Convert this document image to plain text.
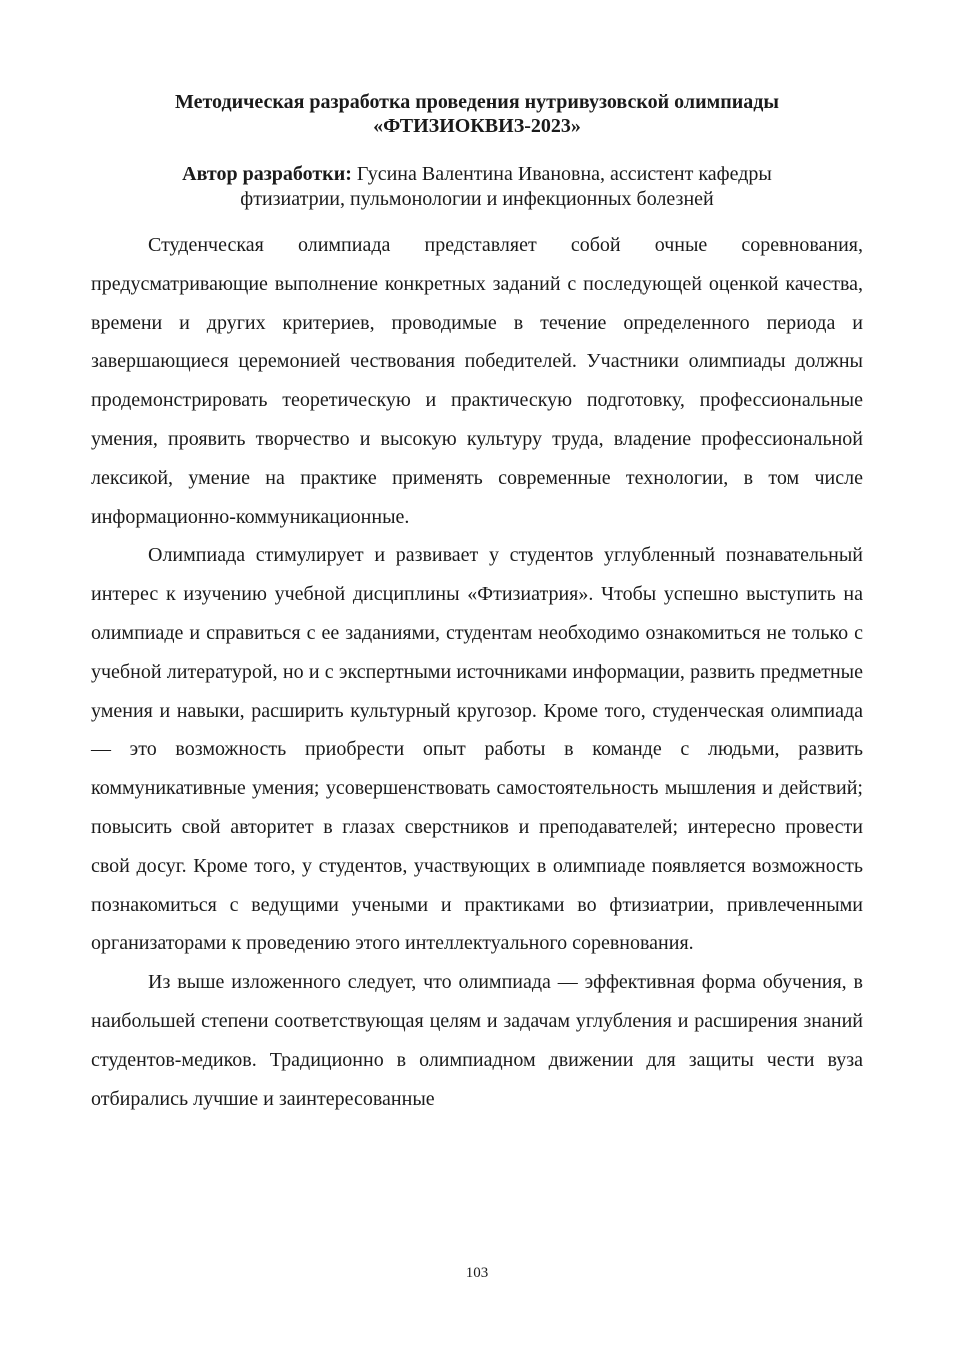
Методическая разработка проведения нутривузовской олимпиады
«ФТИЗИОКВИЗ-2023»

Автор разработки: Гусина Валентина Ивановна, ассистент кафедры
фтизиатрии, пульмонологии и инфекционных болезней

Студенческая олимпиада представляет собой очные соревнования, предусматривающие выполнение конкретных заданий с последующей оценкой качества, времени и других критериев, проводимые в течение определенного периода и завершающиеся церемонией чествования победителей. Участники олимпиады должны продемонстрировать теоретическую и практическую подготовку, профессиональные умения, проявить творчество и высокую культуру труда, владение профессиональной лексикой, умение на практике применять современные технологии, в том числе информационно-коммуникационные.

Олимпиада стимулирует и развивает у студентов углубленный познавательный интерес к изучению учебной дисциплины «Фтизиатрия». Чтобы успешно выступить на олимпиаде и справиться с ее заданиями, студентам необходимо ознакомиться не только с учебной литературой, но и с экспертными источниками информации, развить предметные умения и навыки, расширить культурный кругозор. Кроме того, студенческая олимпиада — это возможность приобрести опыт работы в команде с людьми, развить коммуникативные умения; усовершенствовать самостоятельность мышления и действий; повысить свой авторитет в глазах сверстников и преподавателей; интересно провести свой досуг. Кроме того, у студентов, участвующих в олимпиаде появляется возможность познакомиться с ведущими учеными и практиками во фтизиатрии, привлеченными организаторами к проведению этого интеллектуального соревнования.

Из выше изложенного следует, что олимпиада — эффективная форма обучения, в наибольшей степени соответствующая целям и задачам углубления и расширения знаний студентов-медиков. Традиционно в олимпиадном движении для защиты чести вуза отбирались лучшие и заинтересованные

103
